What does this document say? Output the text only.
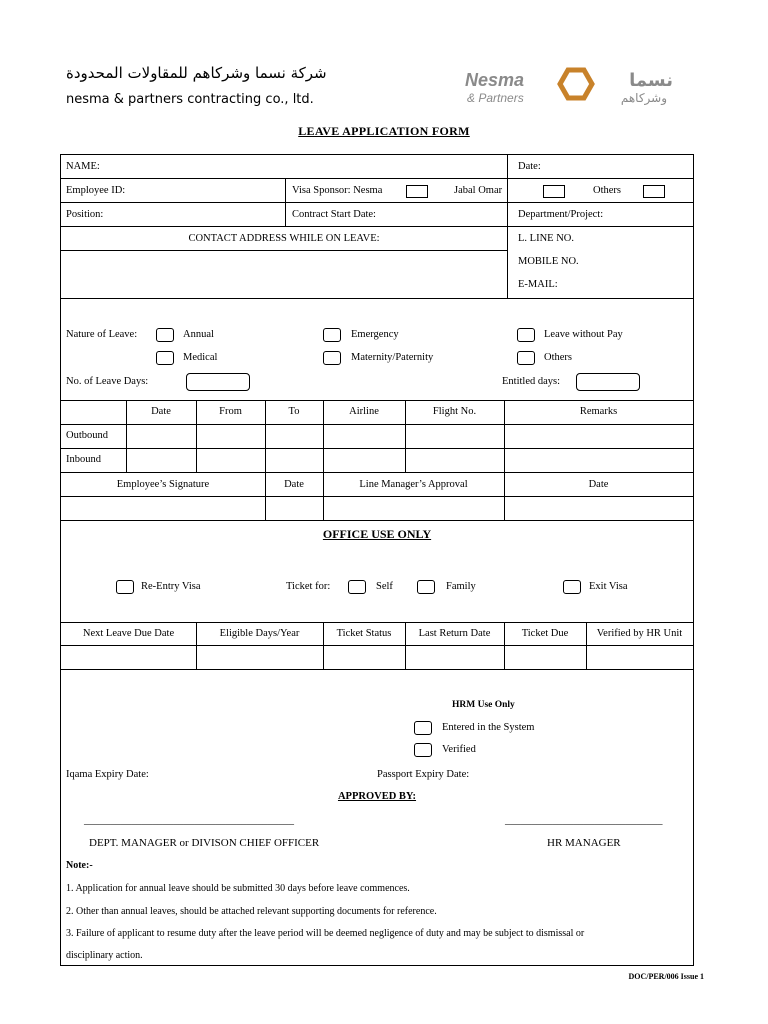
شركة نسما وشركاهم للمقاولات المحدودة
nesma & partners contracting co., ltd.
Nesma
& Partners
نسما
وشركاهم
LEAVE APPLICATION FORM
NAME:	Date:
Employee ID:	Visa Sponsor: Nesma	Jabal Omar	Others
Position:	Contract Start Date:	Department/Project:
CONTACT ADDRESS WHILE ON LEAVE:	L. LINE NO.
MOBILE NO.
E-MAIL:
Nature of Leave:	Annual	Emergency	Leave without Pay
Medical	Maternity/Paternity	Others
No. of Leave Days:	Entitled days:
Date	From	To	Airline	Flight No.	Remarks
Outbound
Inbound
Employee’s Signature	Date	Line Manager’s Approval	Date
OFFICE USE ONLY
Re-Entry Visa	Ticket for:	Self	Family	Exit Visa
Next Leave Due Date	Eligible Days/Year	Ticket Status	Last Return Date	Ticket Due	Verified by HR Unit
HRM Use Only
Entered in the System
Verified
Iqama Expiry Date:	Passport Expiry Date:
APPROVED BY:
________________________________________	______________________________
DEPT. MANAGER or DIVISON CHIEF OFFICER	HR MANAGER
Note:-
1. Application for annual leave should be submitted 30 days before leave commences.
2. Other than annual leaves, should be attached relevant supporting documents for reference.
3. Failure of applicant to resume duty after the leave period will be deemed negligence of duty and may be subject to dismissal or
disciplinary action.
DOC/PER/006 Issue 1
